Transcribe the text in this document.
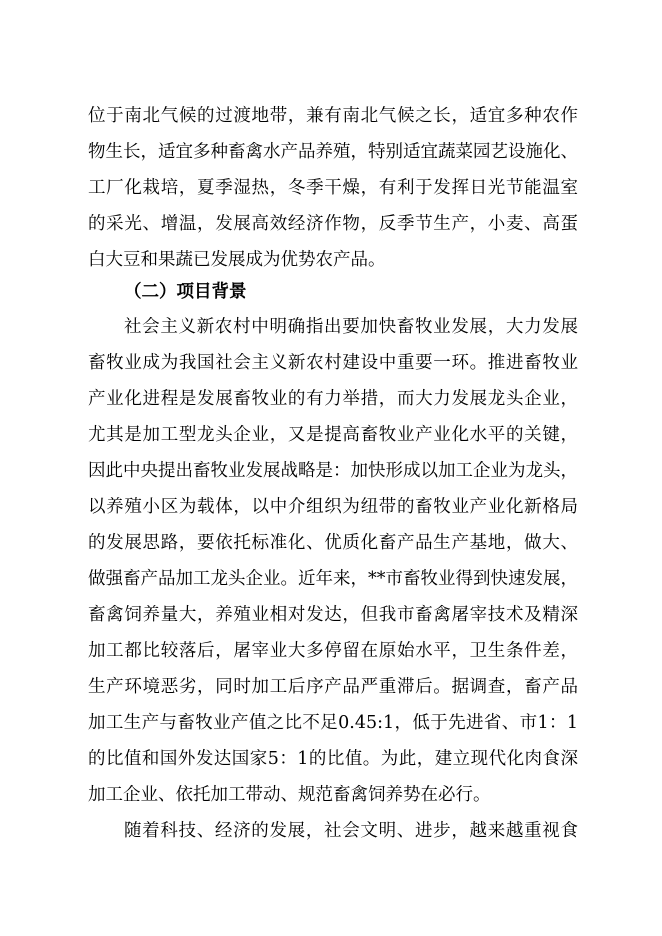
位于南北气候的过渡地带，兼有南北气候之长，适宜多种农作
物生长，适宜多种畜禽水产品养殖，特别适宜蔬菜园艺设施化、
工厂化栽培，夏季湿热，冬季干燥，有利于发挥日光节能温室
的采光、增温，发展高效经济作物，反季节生产，小麦、高蛋
白大豆和果蔬已发展成为优势农产品。
（二）项目背景
社会主义新农村中明确指出要加快畜牧业发展，大力发展
畜牧业成为我国社会主义新农村建设中重要一环。推进畜牧业
产业化进程是发展畜牧业的有力举措，而大力发展龙头企业，
尤其是加工型龙头企业，又是提高畜牧业产业化水平的关键，
因此中央提出畜牧业发展战略是：加快形成以加工企业为龙头，
以养殖小区为载体，以中介组织为纽带的畜牧业产业化新格局
的发展思路，要依托标准化、优质化畜产品生产基地，做大、
做强畜产品加工龙头企业。近年来，**市畜牧业得到快速发展，
畜禽饲养量大，养殖业相对发达，但我市畜禽屠宰技术及精深
加工都比较落后，屠宰业大多停留在原始水平，卫生条件差，
生产环境恶劣，同时加工后序产品严重滞后。据调查，畜产品
加工生产与畜牧业产值之比不足0.45:1，低于先进省、市1：1
的比值和国外发达国家5：1的比值。为此，建立现代化肉食深
加工企业、依托加工带动、规范畜禽饲养势在必行。
随着科技、经济的发展，社会文明、进步，越来越重视食
